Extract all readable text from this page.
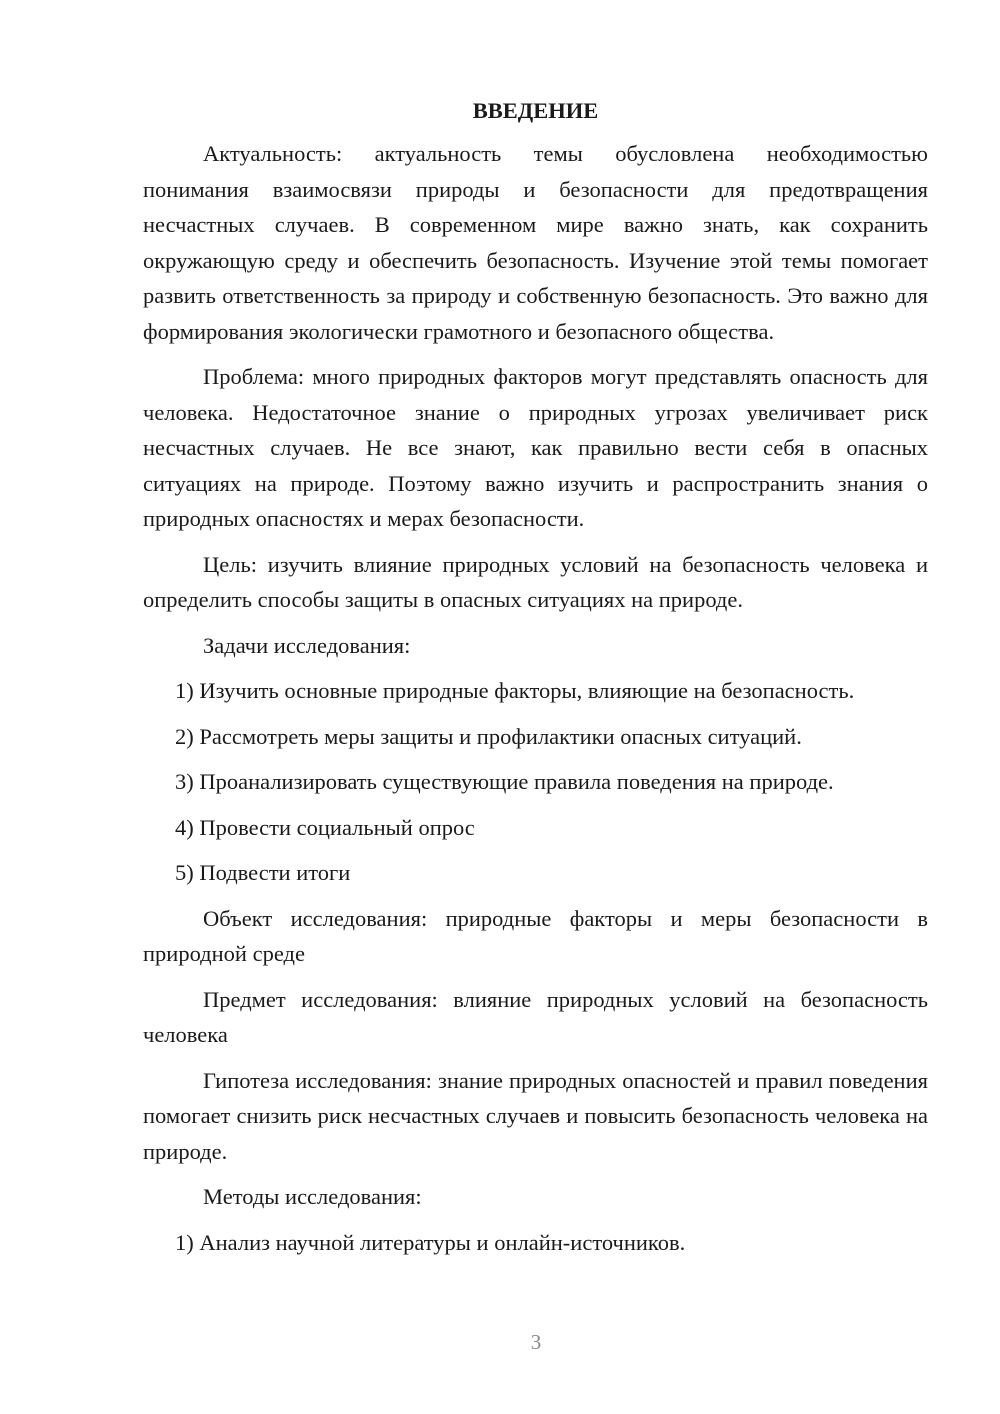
ВВЕДЕНИЕ

Актуальность: актуальность темы обусловлена необходимостью понимания взаимосвязи природы и безопасности для предотвращения несчастных случаев. В современном мире важно знать, как сохранить окружающую среду и обеспечить безопасность. Изучение этой темы помогает развить ответственность за природу и собственную безопасность. Это важно для формирования экологически грамотного и безопасного общества.

Проблема: много природных факторов могут представлять опасность для человека. Недостаточное знание о природных угрозах увеличивает риск несчастных случаев. Не все знают, как правильно вести себя в опасных ситуациях на природе. Поэтому важно изучить и распространить знания о природных опасностях и мерах безопасности.

Цель: изучить влияние природных условий на безопасность человека и определить способы защиты в опасных ситуациях на природе.

Задачи исследования:
1) Изучить основные природные факторы, влияющие на безопасность.
2) Рассмотреть меры защиты и профилактики опасных ситуаций.
3) Проанализировать существующие правила поведения на природе.
4) Провести социальный опрос
5) Подвести итоги

Объект исследования: природные факторы и меры безопасности в природной среде

Предмет исследования: влияние природных условий на безопасность человека

Гипотеза исследования: знание природных опасностей и правил поведения помогает снизить риск несчастных случаев и повысить безопасность человека на природе.

Методы исследования:
1) Анализ научной литературы и онлайн-источников.
3
